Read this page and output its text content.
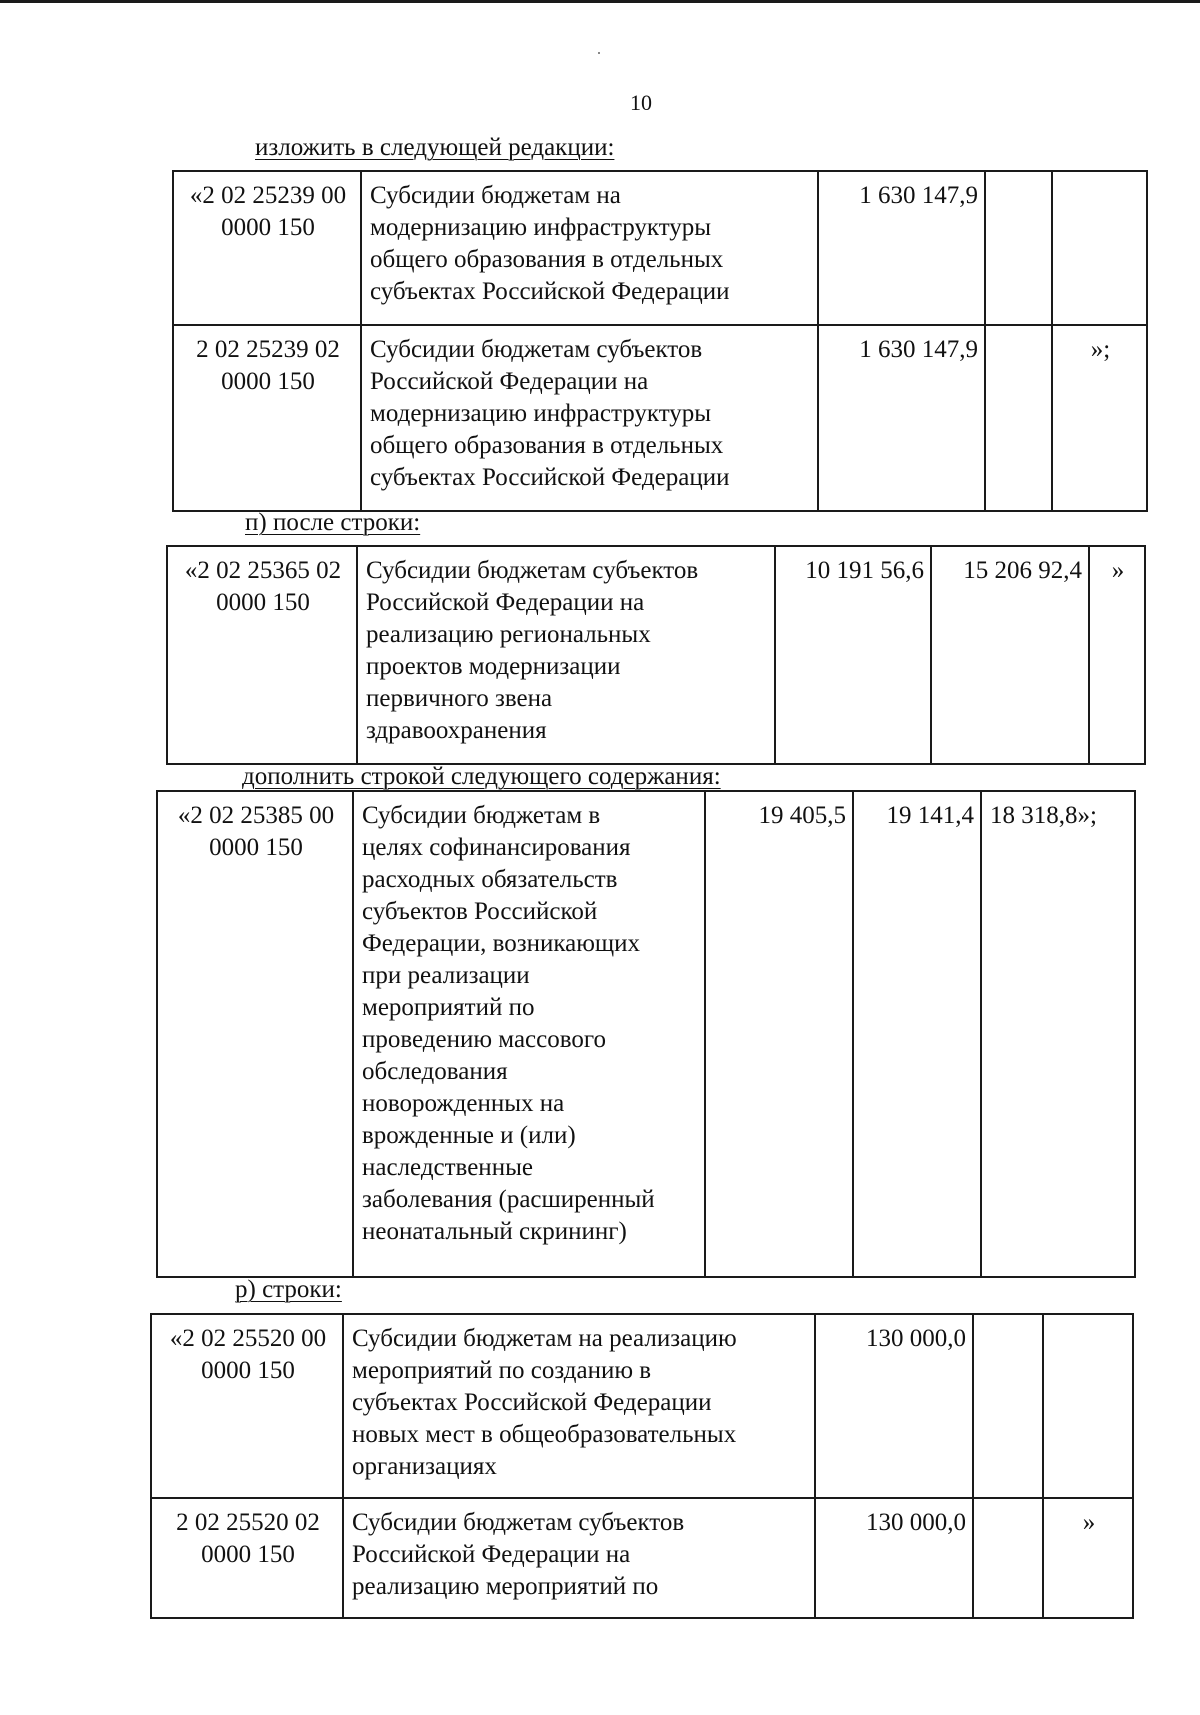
10
изложить в следующей редакции:
«2 02 25239 00
0000 150	Субсидии бюджетам на
модернизацию инфраструктуры
общего образования в отдельных
субъектах Российской Федерации	1 630 147,9		

2 02 25239 02
0000 150	Субсидии бюджетам субъектов
Российской Федерации на
модернизацию инфраструктуры
общего образования в отдельных
субъектах Российской Федерации	1 630 147,9		»;
п) после строки:
«2 02 25365 02
0000 150

Субсидии бюджетам субъектов
Российской Федерации на
реализацию региональных
проектов модернизации
первичного звена
здравоохранения
	10 191 56,6	15 206 92,4	»
дополнить строкой следующего содержания:
«2 02 25385 00
0000 150

Субсидии бюджетам в
целях софинансирования
расходных обязательств
субъектов Российской
Федерации, возникающих
при реализации
мероприятий по
проведению массового
обследования
новорожденных на
врожденные и (или)
наследственные
заболевания (расширенный
неонатальный скрининг)
	19 405,5	19 141,4	18 318,8»;
р) строки:
«2 02 25520 00
0000 150	Субсидии бюджетам на реализацию
мероприятий по созданию в
субъектах Российской Федерации
новых мест в общеобразовательных
организациях	130 000,0		

2 02 25520 02
0000 150	Субсидии бюджетам субъектов
Российской Федерации на
реализацию мероприятий по	130 000,0		»
